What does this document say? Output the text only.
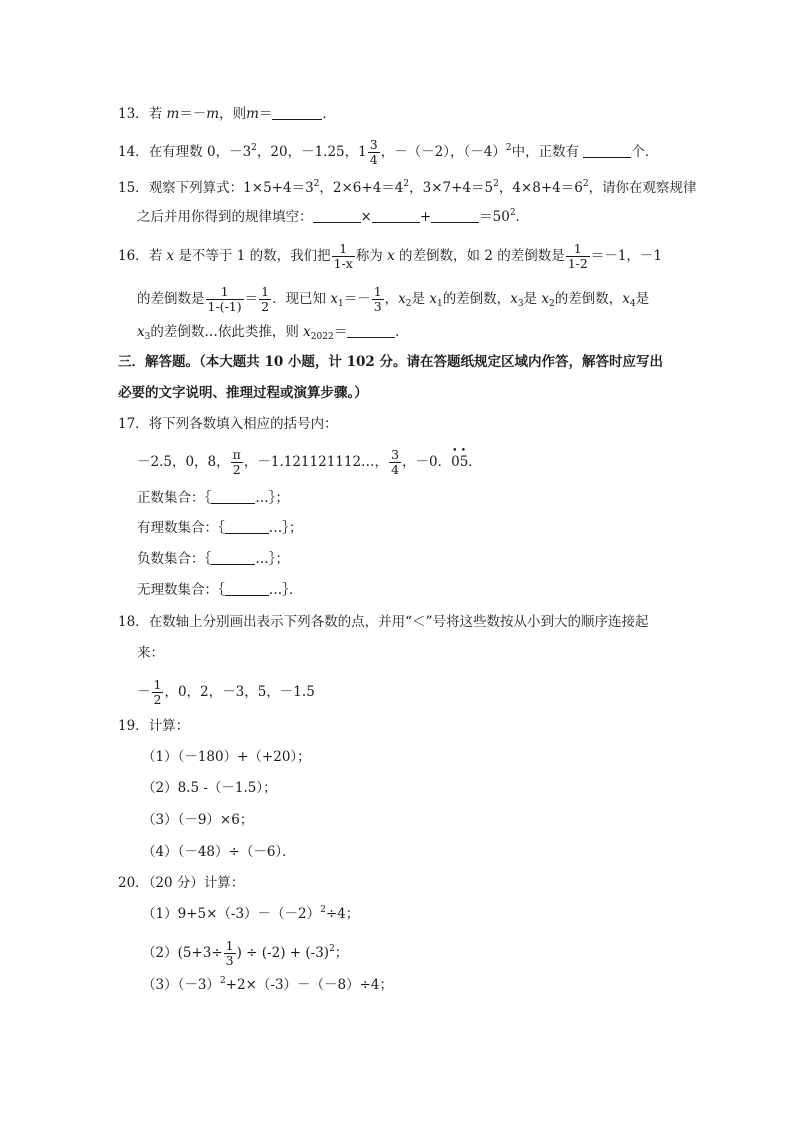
13．若 m＝－m，则m＝	．
14．在有理数 0，$-3^2$，20，－1.25，$1 \frac{3}{4}$ ，－（－2），$(-4)^2$中，正数有	个．
15．观察下列算式：$1\times 5+4=3^2$，$2\times 6+4=4^2$，$3\times 7+4=5^2$，$4\times 8+4=6^2$，请你在观察规律
之后并用你得到的规律填空：	×	+	$=50^2$．
16．若 x 是不等于 1 的数，我们把 $\frac{1}{1-x}$ 称为 x 的差倒数，如 2 的差倒数是 $\frac{1}{1-2} =-1$，－1
的差倒数是 $\frac{1}{1-(-1)} = \frac{1}{2}$ ．现已知 $x_1=- \frac{1}{3}$ ，$x_2$是 $x_1$的差倒数，$x_3$是 $x_2$的差倒数，$x_4$是
$x_3$的差倒数…依此类推，则 $x_{2022}=$	．
三．解答题。（本大题共 10 小题，计 102 分。请在答题纸规定区域内作答，解答时应写出
必要的文字说明、推理过程或演算步骤。）
17．将下列各数填入相应的括号内：
－2.5，0，8， $\frac{\pi}{2}$ ，－1.121121112…， $\frac{3}{4}$ ，－0．• 0• 5．
正数集合：｛	…｝；
有理数集合：｛	…｝；
负数集合：｛	…｝；
无理数集合：｛	…｝．
18．在数轴上分别画出表示下列各数的点，并用“＜”号将这些数按从小到大的顺序连接起
来：
－ $\frac{1}{2}$ ，0，2，－3，5，－1.5
19．计算：
（1）（－180）+（+20）；
（2）8.5 -（－1.5）；
（3）（－9）×6；
（4）（－48）÷（－6）．
20．（20 分）计算：
$(1)9+5\times(-3)-(-2)^2\div 4$；
$(2)(5+3\div \frac{1}{3}$ ) ÷ $(-2) + (-3)^2$；
$(3)(-3)^2+2\times(-3)-(-8)\div 4$；
